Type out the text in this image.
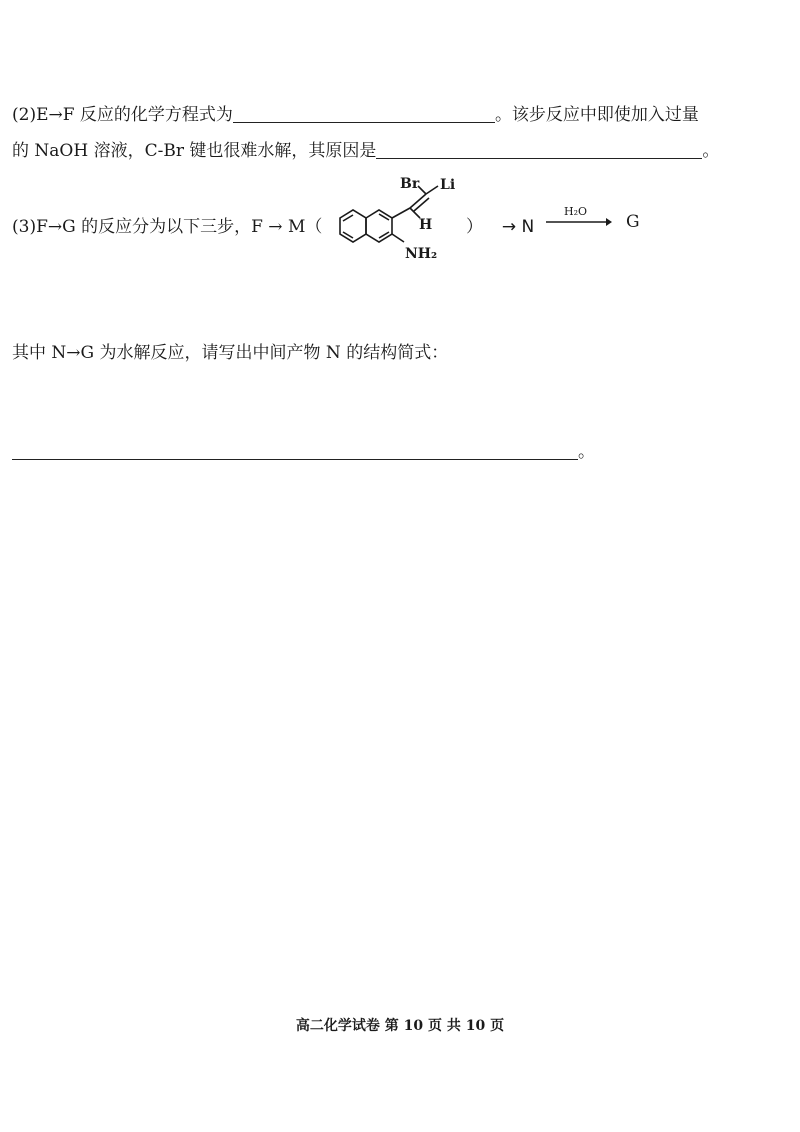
(2)E→F 反应的化学方程式为	。该步反应中即使加入过量
的 NaOH 溶液，C-Br 键也很难水解，其原因是	。
(3)F→G 的反应分为以下三步，F → M（
Br Li
H
NH₂
） → N
H₂O
G
其中 N→G 为水解反应，请写出中间产物 N 的结构简式：
。
高二化学试卷 第 10 页 共 10 页
